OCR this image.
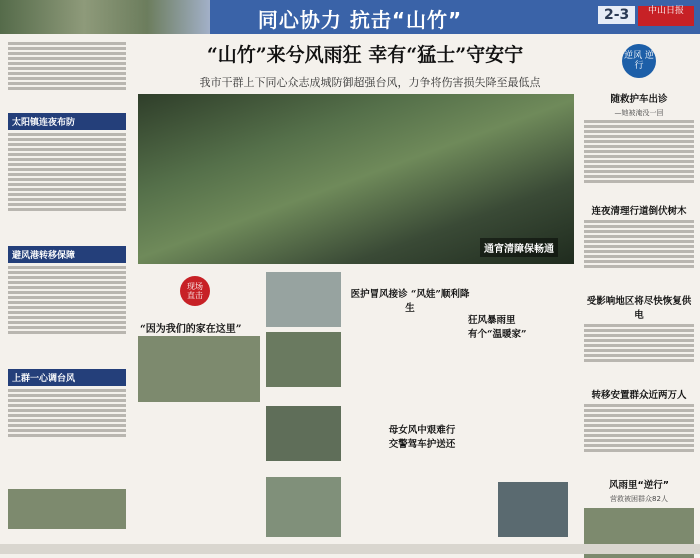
同心协力 抗击“山竹”	2-3	中山日报
太阳镇连夜布防
避风港转移保障
上群一心调台风
“山竹”来兮风雨狂 幸有“猛士”守安宁
我市干群上下同心众志成城防御超强台风，力争将伤害损失降至最低点
通宵清障保畅通
随救护车出诊
—她被淹没一回
连夜清理行道倒伏树木
受影响地区将尽快恢复供电
转移安置群众近两万人
风雨里“逆行”
营救被困群众82人
逆风 逆行
“因为我们的家在这里”
医护冒风接诊 “风娃”顺利降生
狂风暴雨里
有个“温暖家”
母女风中艰难行
交警驾车护送还
现场
直击
